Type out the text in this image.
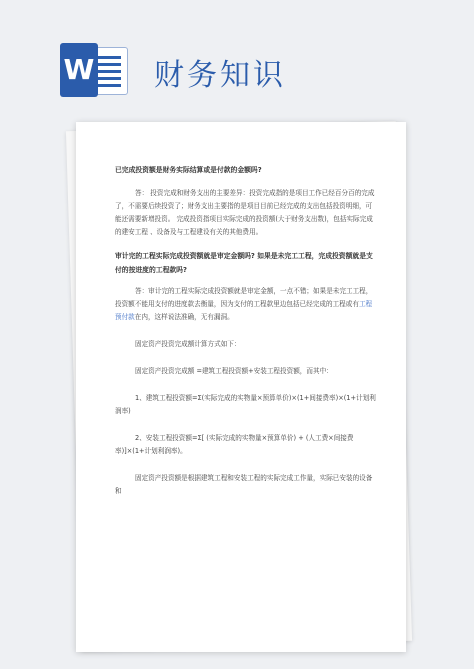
W 财务知识

已完成投资额是财务实际结算或是付款的金额吗?

答： 投资完成和财务支出的主要差异：投资完成指的是项目工作已经百分百的完成了，不需要后续投资了；财务支出主要指的是项目目前已经完成的支出包括投资明细，可能还需要新增投资。 完成投资指项目实际完成的投资额(大于财务支出数)，包括实际完成的建安工程 、设备及与工程建设有关的其他费用。

审计完的工程实际完成投资额就是审定金额吗? 如果是未完工工程，完成投资额就是支付的按进度的工程款吗?

答：审计完的工程实际完成投资额就是审定金额，一点不错；如果是未完工工程，投资额不能用支付的进度款去衡量，因为支付的工程款里边包括已经完成的工程或有工程预付款在内，这样说法准确，无有漏洞。

固定资产投资完成额计算方式如下：

固定资产投资完成额 =建筑工程投资额+安装工程投资额，而其中：

1、建筑工程投资额=Σ(实际完成的实物量×预算单价)×(1+间接费率)×(1+计划利润率)

2、安装工程投资额=Σ[ (实际完成的实物量×预算单价) + (人工费×间接费率)]×(1+计划利润率)。

固定资产投资额是根据建筑工程和安装工程的实际完成工作量，实际已安装的设备和
